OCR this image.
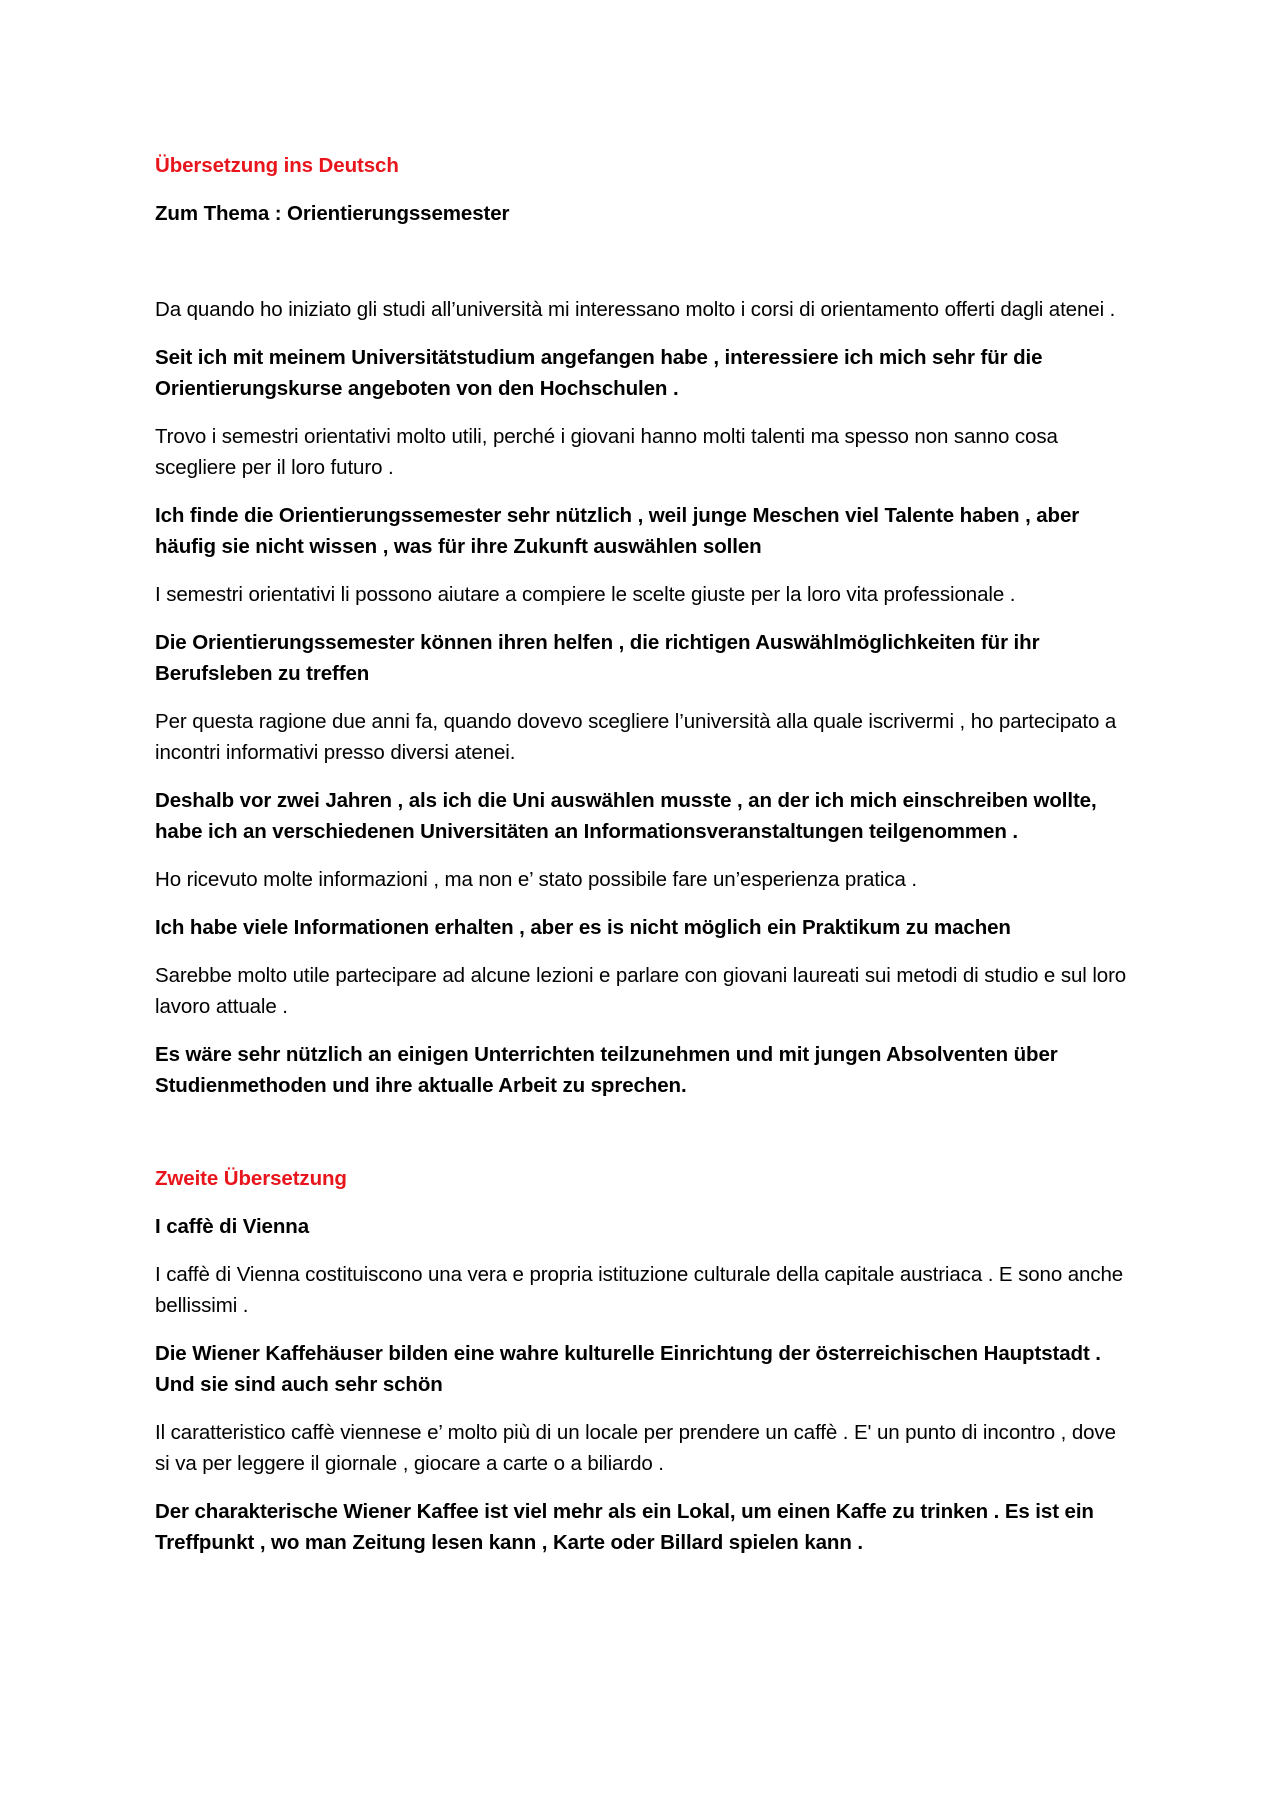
Übersetzung ins Deutsch

Zum Thema : Orientierungssemester

Da quando ho iniziato gli studi all’università mi interessano molto i corsi di orientamento offerti dagli atenei .

Seit ich mit meinem Universitätstudium angefangen habe , interessiere ich mich sehr für die Orientierungskurse angeboten von den Hochschulen .

Trovo i semestri orientativi molto utili, perché i giovani hanno molti talenti ma spesso non sanno cosa scegliere per il loro futuro .

Ich finde die Orientierungssemester sehr nützlich , weil junge Meschen viel Talente haben , aber häufig sie nicht wissen , was für ihre Zukunft auswählen sollen

I semestri orientativi li possono aiutare a compiere le scelte giuste per la loro vita professionale .

Die Orientierungssemester können ihren helfen , die richtigen Auswählmöglichkeiten für ihr Berufsleben zu treffen

Per questa ragione due anni fa, quando dovevo scegliere l’università alla quale iscrivermi , ho partecipato a incontri informativi presso diversi atenei.

Deshalb vor zwei Jahren , als ich die Uni auswählen musste , an der ich mich einschreiben wollte, habe ich an verschiedenen Universitäten an Informationsveranstaltungen teilgenommen .

Ho ricevuto molte informazioni , ma non e’ stato possibile fare un’esperienza pratica .

Ich habe viele Informationen erhalten , aber es is nicht möglich ein Praktikum zu machen

Sarebbe molto utile partecipare ad alcune lezioni e parlare con giovani laureati sui metodi di studio e sul loro lavoro attuale .

Es wäre sehr nützlich an einigen Unterrichten teilzunehmen und mit jungen Absolventen über Studienmethoden und ihre aktualle Arbeit zu sprechen.

Zweite Übersetzung

I caffè di Vienna

I caffè di Vienna costituiscono una vera e propria istituzione culturale della capitale austriaca . E sono anche bellissimi .

Die Wiener Kaffehäuser bilden eine wahre kulturelle Einrichtung der österreichischen Hauptstadt . Und sie sind auch sehr schön

Il caratteristico caffè viennese e’ molto più di un locale per prendere un caffè . E' un punto di incontro , dove si va per leggere il giornale , giocare a carte o a biliardo .

Der charakterische Wiener Kaffee ist viel mehr als ein Lokal, um einen Kaffe zu trinken . Es ist ein Treffpunkt , wo man Zeitung lesen kann , Karte oder Billard spielen kann .
